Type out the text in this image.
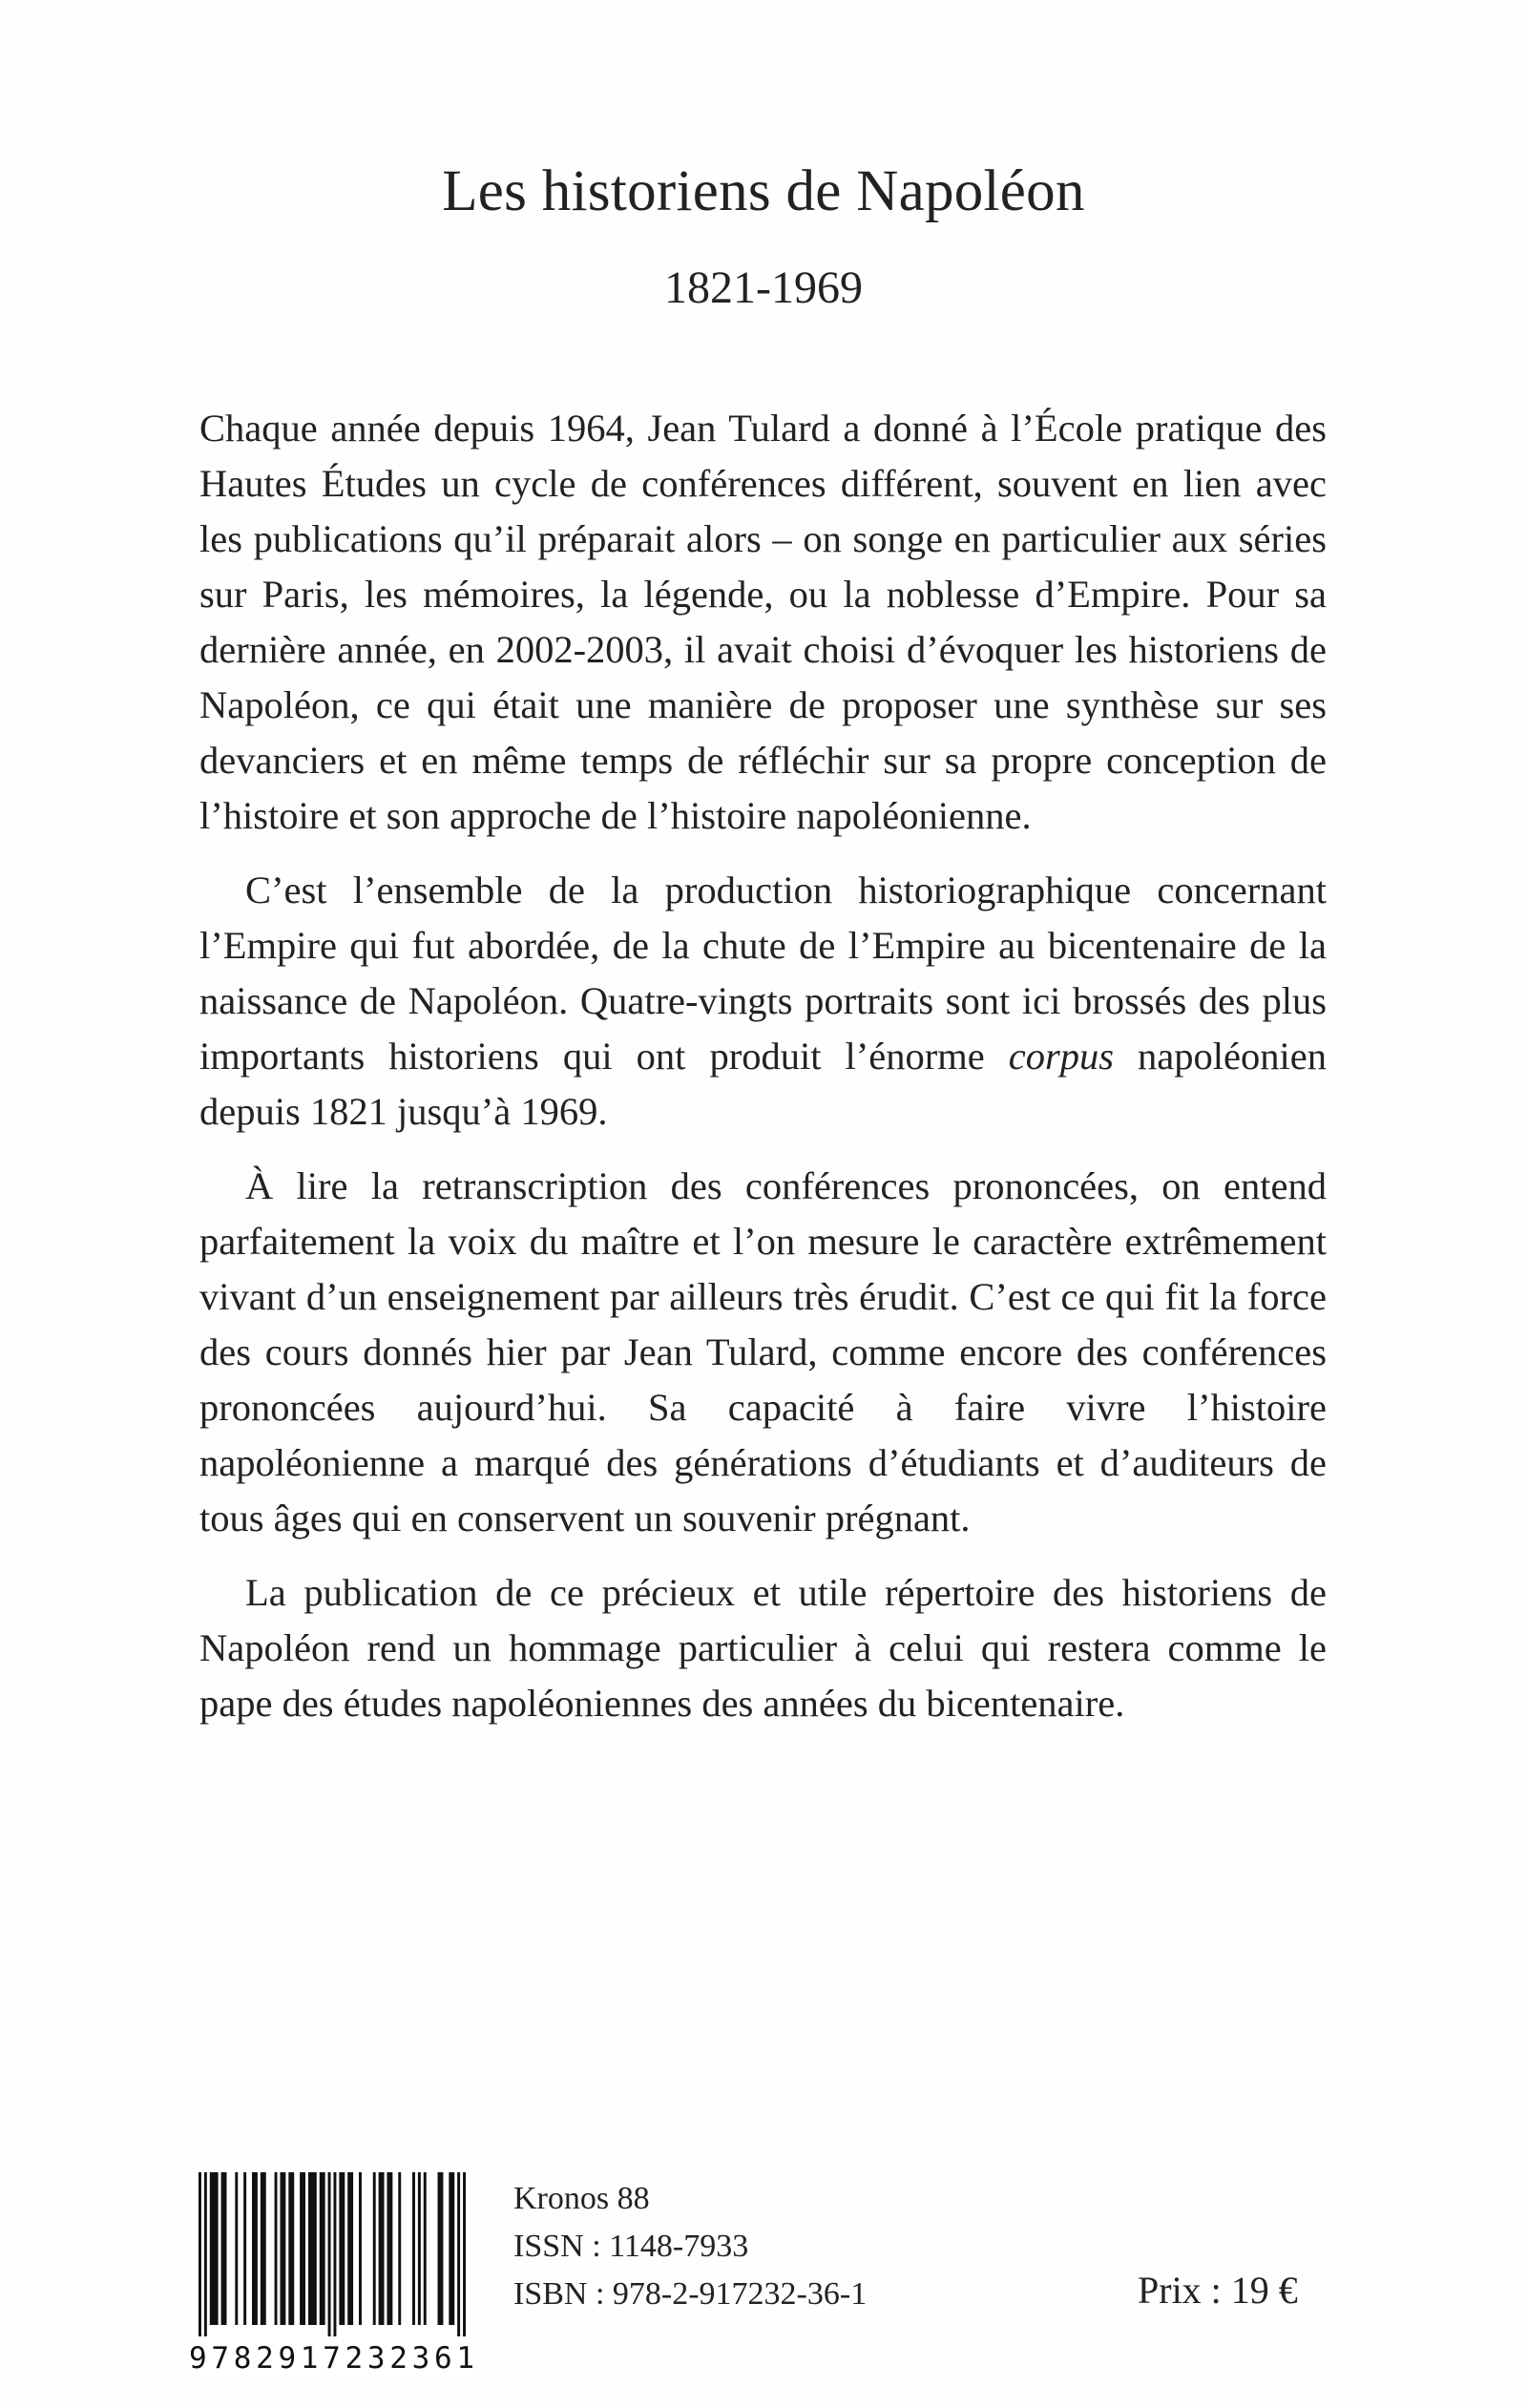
Les historiens de Napoléon
1821-1969

Chaque année depuis 1964, Jean Tulard a donné à l’École pratique des Hautes Études un cycle de conférences différent, souvent en lien avec les publications qu’il préparait alors – on songe en particulier aux séries sur Paris, les mémoires, la légende, ou la noblesse d’Empire. Pour sa dernière année, en 2002-2003, il avait choisi d’évoquer les historiens de Napoléon, ce qui était une manière de proposer une synthèse sur ses devanciers et en même temps de réfléchir sur sa propre conception de l’histoire et son approche de l’histoire napoléonienne.

C’est l’ensemble de la production historiographique concernant l’Empire qui fut abordée, de la chute de l’Empire au bicentenaire de la naissance de Napoléon. Quatre-vingts portraits sont ici brossés des plus importants historiens qui ont produit l’énorme corpus napoléonien depuis 1821 jusqu’à 1969.

À lire la retranscription des conférences prononcées, on entend parfaitement la voix du maître et l’on mesure le caractère extrêmement vivant d’un enseignement par ailleurs très érudit. C’est ce qui fit la force des cours donnés hier par Jean Tulard, comme encore des conférences prononcées aujourd’hui. Sa capacité à faire vivre l’histoire napoléonienne a marqué des générations d’étudiants et d’auditeurs de tous âges qui en conservent un souvenir prégnant.

La publication de ce précieux et utile répertoire des historiens de Napoléon rend un hommage particulier à celui qui restera comme le pape des études napoléoniennes des années du bicentenaire.

9 7 8 2 9 1 7 2 3 2 3 6 1
Kronos 88
ISSN : 1148-7933
ISBN : 978-2-917232-36-1	Prix : 19 €
